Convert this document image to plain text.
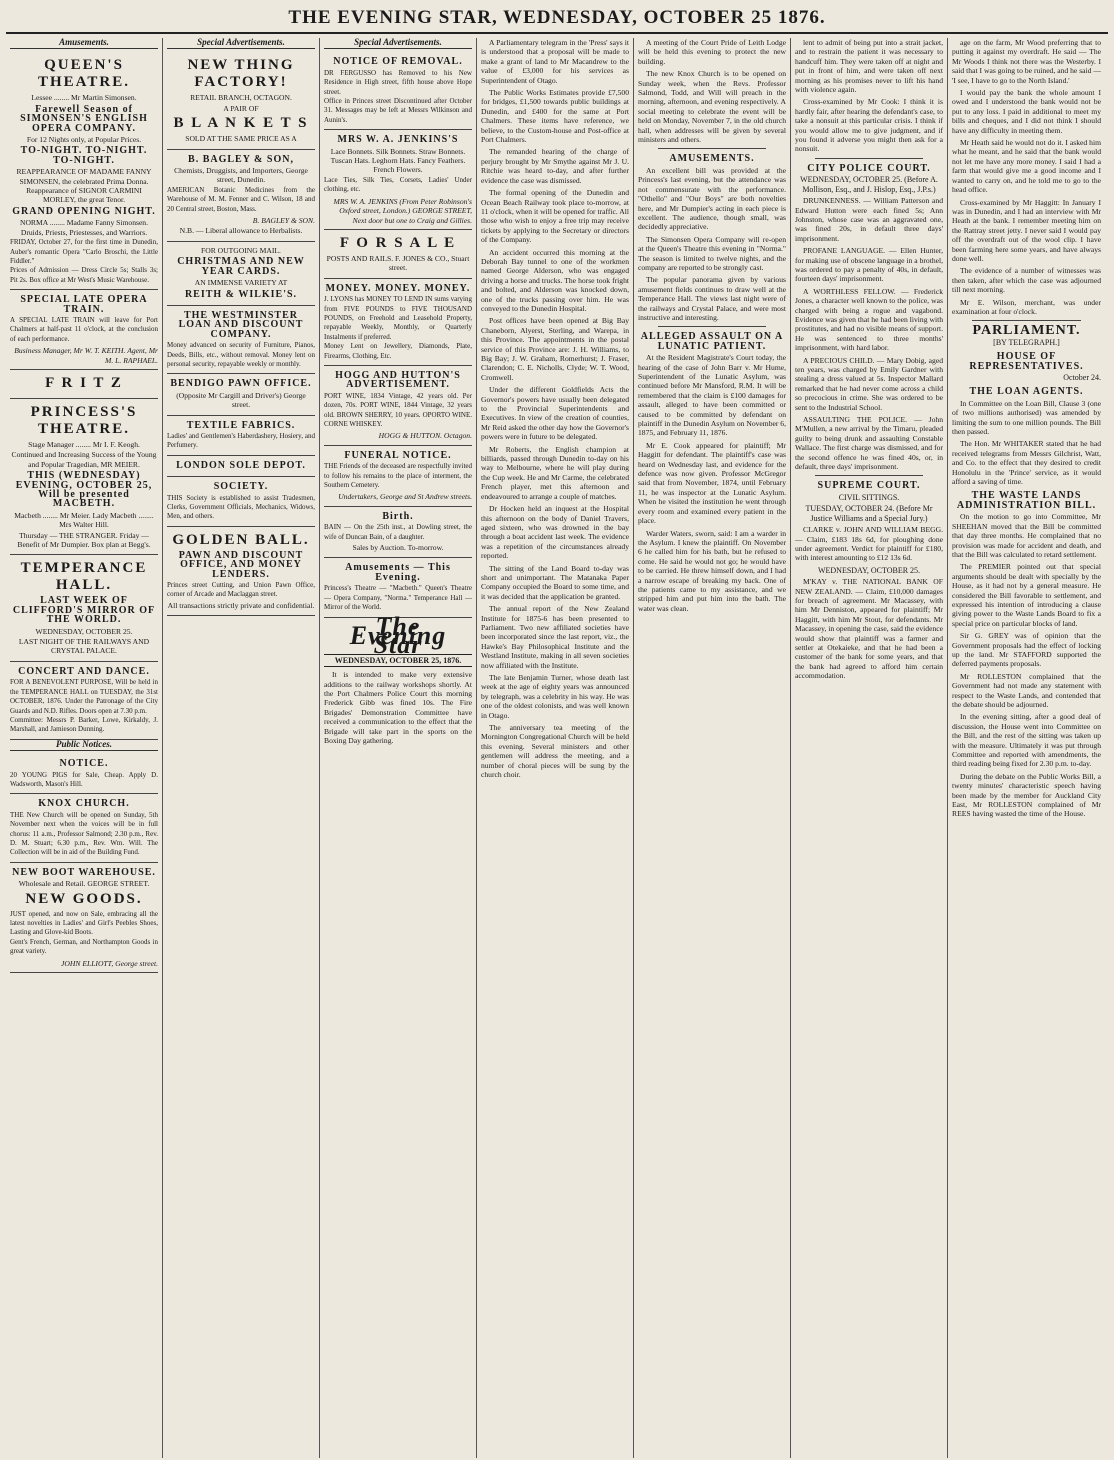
THE EVENING STAR, WEDNESDAY, OCTOBER 25 1876.
Amusements.
QUEEN'S THEATRE.
Lessee ........ Mr Martin Simonsen.
Farewell Season of SIMONSEN'S ENGLISH OPERA COMPANY.
For 12 Nights only, at Popular Prices.
TO-NIGHT. TO-NIGHT. TO-NIGHT.
REAPPEARANCE OF MADAME FANNY SIMONSEN, the celebrated Prima Donna. Reappearance of SIGNOR CARMINI MORLEY, the great Tenor.
GRAND OPENING NIGHT.
NORMA ........ Madame Fanny Simonsen. Druids, Priests, Priestesses, and Warriors.
FRIDAY, October 27, for the first time in Dunedin, Auber's romantic Opera "Carlo Broschi, the Little Fiddler."
Prices of Admission — Dress Circle 5s; Stalls 3s; Pit 2s. Box office at Mr West's Music Warehouse.
SPECIAL LATE OPERA TRAIN.
A SPECIAL LATE TRAIN will leave for Port Chalmers at half-past 11 o'clock, at the conclusion of each performance.
Business Manager, Mr W. T. KEITH. Agent, Mr M. L. RAPHAEL.
F R I T Z
PRINCESS'S THEATRE.
Stage Manager ........ Mr I. F. Keogh.
Continued and Increasing Success of the Young and Popular Tragedian, MR MEIER.
THIS (WEDNESDAY) EVENING, OCTOBER 25, Will be presented MACBETH.
Macbeth ........ Mr Meier. Lady Macbeth ........ Mrs Walter Hill.
Thursday — THE STRANGER. Friday — Benefit of Mr Dumpier. Box plan at Begg's.
TEMPERANCE HALL.
LAST WEEK OF CLIFFORD'S MIRROR OF THE WORLD.
WEDNESDAY, OCTOBER 25.
LAST NIGHT OF THE RAILWAYS AND CRYSTAL PALACE.
CONCERT AND DANCE.
FOR A BENEVOLENT PURPOSE, Will be held in the TEMPERANCE HALL on TUESDAY, the 31st OCTOBER, 1876. Under the Patronage of the City Guards and N.D. Rifles. Doors open at 7.30 p.m.
Committee: Messrs P. Barker, Lowe, Kirkaldy, J. Marshall, and Jamieson Dunning.
Public Notices.
NOTICE.
20 YOUNG PIGS for Sale, Cheap. Apply D. Wadsworth, Mason's Hill.
KNOX CHURCH.
THE New Church will be opened on Sunday, 5th November next when the voices will be in full chorus: 11 a.m., Professor Salmond; 2.30 p.m., Rev. D. M. Stuart; 6.30 p.m., Rev. Wm. Will. The Collection will be in aid of the Building Fund.
NEW BOOT WAREHOUSE.
Wholesale and Retail. GEORGE STREET.
NEW GOODS.
JUST opened, and now on Sale, embracing all the latest novelties in Ladies' and Girl's Peebles Shoes, Lasting and Glove-kid Boots.
Gent's French, German, and Northampton Goods in great variety.
JOHN ELLIOTT, George street.
Special Advertisements.
NEW THING FACTORY!
RETAIL BRANCH, OCTAGON.
A PAIR OF
B L A N K E T S
SOLD AT THE SAME PRICE AS A
B. BAGLEY & SON,
Chemists, Druggists, and Importers, George street, Dunedin.
AMERICAN Botanic Medicines from the Warehouse of M. M. Fenner and C. Wilson, 18 and 20 Central street, Boston, Mass.
B. BAGLEY & SON.
N.B. — Liberal allowance to Herbalists.
FOR OUTGOING MAIL.
CHRISTMAS AND NEW YEAR CARDS.
AN IMMENSE VARIETY AT
REITH & WILKIE'S.
THE WESTMINSTER LOAN AND DISCOUNT COMPANY.
Money advanced on security of Furniture, Pianos, Deeds, Bills, etc., without removal. Money lent on personal security, repayable weekly or monthly.
BENDIGO PAWN OFFICE.
(Opposite Mr Cargill and Driver's) George street.
TEXTILE FABRICS.
Ladies' and Gentlemen's Haberdashery, Hosiery, and Perfumery.
LONDON SOLE DEPOT.
SOCIETY.
THIS Society is established to assist Tradesmen, Clerks, Government Officials, Mechanics, Widows, Men, and others.
GOLDEN BALL.
PAWN AND DISCOUNT OFFICE, AND MONEY LENDERS.
Princes street Cutting, and Union Pawn Office, corner of Arcade and Maclaggan street.
All transactions strictly private and confidential.
Special Advertisements.
NOTICE OF REMOVAL.
DR FERGUSSO has Removed to his New Residence in High street, fifth house above Hope street.
Office in Princes street Discontinued after October 31. Messages may be left at Messrs Wilkinson and Aunin's.
MRS W. A. JENKINS'S
Lace Bonnets. Silk Bonnets. Straw Bonnets. Tuscan Hats. Leghorn Hats. Fancy Feathers. French Flowers.
Lace Ties, Silk Ties, Corsets, Ladies' Under clothing, etc.
MRS W. A. JENKINS (From Peter Robinson's Oxford street, London.) GEORGE STREET, Next door but one to Craig and Gillies.
F O R S A L E
POSTS AND RAILS. F. JONES & CO., Stuart street.
MONEY. MONEY. MONEY.
J. LYONS has MONEY TO LEND IN sums varying from FIVE POUNDS to FIVE THOUSAND POUNDS, on Freehold and Leasehold Property, repayable Weekly, Monthly, or Quarterly Instalments if preferred.
Money Lent on Jewellery, Diamonds, Plate, Firearms, Clothing, Etc.
HOGG AND HUTTON'S ADVERTISEMENT.
PORT WINE, 1834 Vintage, 42 years old. Per dozen, 70s. PORT WINE, 1844 Vintage, 32 years old. BROWN SHERRY, 10 years. OPORTO WINE. CORNE WHISKEY.
HOGG & HUTTON. Octagon.
FUNERAL NOTICE.
THE Friends of the deceased are respectfully invited to follow his remains to the place of interment, the Southern Cemetery.
Undertakers, George and St Andrew streets.
Birth.
BAIN — On the 25th inst., at Dowling street, the wife of Duncan Bain, of a daughter.
Sales by Auction. To-morrow.
Amusements — This Evening.
Princess's Theatre — "Macbeth." Queen's Theatre — Opera Company, "Norma." Temperance Hall — Mirror of the World.
The Evening Star
WEDNESDAY, OCTOBER 25, 1876.

It is intended to make very extensive additions to the railway workshops shortly. At the Port Chalmers Police Court this morning Frederick Gibb was fined 10s. The Fire Brigades' Demonstration Committee have received a communication to the effect that the Brigade will take part in the sports on the Boxing Day gathering.

A Parliamentary telegram in the 'Press' says it is understood that a proposal will be made to make a grant of land to Mr Macandrew to the value of £3,000 for his services as Superintendent of Otago.

The Public Works Estimates provide £7,500 for bridges, £1,500 towards public buildings at Dunedin, and £400 for the same at Port Chalmers. These items have reference, we believe, to the Custom-house and Post-office at Port Chalmers.

The remanded hearing of the charge of perjury brought by Mr Smythe against Mr J. U. Ritchie was heard to-day, and after further evidence the case was dismissed.

The formal opening of the Dunedin and Ocean Beach Railway took place to-morrow, at 11 o'clock, when it will be opened for traffic. All those who wish to enjoy a free trip may receive tickets by applying to the Secretary or directors of the Company.

An accident occurred this morning at the Deborah Bay tunnel to one of the workmen named George Alderson, who was engaged driving a horse and trucks. The horse took fright and bolted, and Alderson was knocked down, one of the trucks passing over him. He was conveyed to the Dunedin Hospital.

Post offices have been opened at Big Bay Chaneborn, Alyerst, Sterling, and Warepa, in this Province. The appointments in the postal service of this Province are: J. H. Williams, to Big Bay; J. W. Graham, Romerhurst; J. Fraser, Clarendon; C. E. Nicholls, Clyde; W. T. Wood, Cromwell.

Under the different Goldfields Acts the Governor's powers have usually been delegated to the Provincial Superintendents and Executives. In view of the creation of counties, Mr Reid asked the other day how the Governor's powers were in future to be delegated.

Mr Roberts, the English champion at billiards, passed through Dunedin to-day on his way to Melbourne, where he will play during the Cup week. He and Mr Carme, the celebrated French player, met this afternoon and endeavoured to arrange a couple of matches.

Dr Hocken held an inquest at the Hospital this afternoon on the body of Daniel Travers, aged sixteen, who was drowned in the bay through a boat accident last week. The evidence was a repetition of the circumstances already reported.

The sitting of the Land Board to-day was short and unimportant. The Matanaka Paper Company occupied the Board to some time, and it was decided that the application be granted.

The annual report of the New Zealand Institute for 1875-6 has been presented to Parliament. Two new affiliated societies have been incorporated since the last report, viz., the Hawke's Bay Philosophical Institute and the Westland Institute, making in all seven societies now affiliated with the Institute.

The late Benjamin Turner, whose death last week at the age of eighty years was announced by telegraph, was a celebrity in his way. He was one of the oldest colonists, and was well known in Otago.

The anniversary tea meeting of the Mornington Congregational Church will be held this evening. Several ministers and other gentlemen will address the meeting, and a number of choral pieces will be sung by the church choir.

A meeting of the Court Pride of Leith Lodge will be held this evening to protect the new building.

The new Knox Church is to be opened on Sunday week, when the Revs. Professor Salmond, Todd, and Will will preach in the morning, afternoon, and evening respectively. A social meeting to celebrate the event will be held on Monday, November 7, in the old church hall, when addresses will be given by several ministers and others.

AMUSEMENTS.

An excellent bill was provided at the Princess's last evening, but the attendance was not commensurate with the performance. "Othello" and "Our Boys" are both novelties here, and Mr Dumpier's acting in each piece is excellent. The audience, though small, was decidedly appreciative.

The Simonsen Opera Company will re-open at the Queen's Theatre this evening in "Norma." The season is limited to twelve nights, and the company are reported to be strongly cast.

The popular panorama given by various amusement fields continues to draw well at the Temperance Hall. The views last night were of the railways and Crystal Palace, and were most instructive and interesting.

ALLEGED ASSAULT ON A LUNATIC PATIENT.

At the Resident Magistrate's Court today, the hearing of the case of John Barr v. Mr Hume, Superintendent of the Lunatic Asylum, was continued before Mr Mansford, R.M. It will be remembered that the claim is £100 damages for assault, alleged to have been committed or caused to be committed by defendant on plaintiff in the Dunedin Asylum on November 6, 1875, and February 11, 1876.

Mr E. Cook appeared for plaintiff; Mr Haggitt for defendant. The plaintiff's case was heard on Wednesday last, and evidence for the defence was now given. Professor McGregor said that from November, 1874, until February 11, he was inspector at the Lunatic Asylum. When he visited the institution he went through every room and examined every patient in the place.

Warder Waters, sworn, said: I am a warder in the Asylum. I knew the plaintiff. On November 6 he called him for his bath, but he refused to come. He said he would not go; he would have to be carried. He threw himself down, and I had a narrow escape of breaking my back. One of the patients came to my assistance, and we stripped him and put him into the bath. The water was clean.

lent to admit of being put into a strait jacket, and to restrain the patient it was necessary to handcuff him. They were taken off at night and put in front of him, and were taken off next morning as his promises never to lift his hand with violence again.

Cross-examined by Mr Cook: I think it is hardly fair, after hearing the defendant's case, to take a nonsuit at this particular crisis. I think if you would allow me to give judgment, and if you found it adverse you might then ask for a nonsuit.

CITY POLICE COURT.
WEDNESDAY, OCTOBER 25. (Before A. Mollison, Esq., and J. Hislop, Esq., J.P.s.)

DRUNKENNESS. — William Patterson and Edward Hutton were each fined 5s; Ann Johnston, whose case was an aggravated one, was fined 20s, in default three days' imprisonment.

PROFANE LANGUAGE. — Ellen Hunter, for making use of obscene language in a brothel, was ordered to pay a penalty of 40s, in default, fourteen days' imprisonment.

A WORTHLESS FELLOW. — Frederick Jones, a character well known to the police, was charged with being a rogue and vagabond. Evidence was given that he had been living with prostitutes, and had no visible means of support. He was sentenced to three months' imprisonment, with hard labor.

A PRECIOUS CHILD. — Mary Dobig, aged ten years, was charged by Emily Gardner with stealing a dress valued at 5s. Inspector Mallard remarked that he had never come across a child so precocious in crime. She was ordered to be sent to the Industrial School.

ASSAULTING THE POLICE. — John M'Mullen, a new arrival by the Timaru, pleaded guilty to being drunk and assaulting Constable Wallace. The first charge was dismissed, and for the second offence he was fined 40s, or, in default, three days' imprisonment.

SUPREME COURT.
CIVIL SITTINGS.
TUESDAY, OCTOBER 24. (Before Mr Justice Williams and a Special Jury.)

CLARKE v. JOHN AND WILLIAM BEGG. — Claim, £183 18s 6d, for ploughing done under agreement. Verdict for plaintiff for £180, with interest amounting to £12 13s 6d.

WEDNESDAY, OCTOBER 25.

M'KAY v. THE NATIONAL BANK OF NEW ZEALAND. — Claim, £10,000 damages for breach of agreement. Mr Macassey, with him Mr Denniston, appeared for plaintiff; Mr Haggitt, with him Mr Stout, for defendants. Mr Macassey, in opening the case, said the evidence would show that plaintiff was a farmer and settler at Otekaieke, and that he had been a customer of the bank for some years, and that the bank had agreed to afford him certain accommodation.

age on the farm, Mr Wood preferring that to putting it against my overdraft. He said — The Mr Woods I think not there was the Westerby. I said that I was going to be ruined, and he said — 'I see, I have to go to the North Island.'

I would pay the bank the whole amount I owed and I understood the bank would not be put to any loss. I paid in additional to meet my bills and cheques, and I did not think I should have any difficulty in meeting them.

Mr Heath said he would not do it. I asked him what he meant, and he said that the bank would not let me have any more money. I said I had a farm that would give me a good income and I wanted to carry on, and he told me to go to the head office.

Cross-examined by Mr Haggitt: In January I was in Dunedin, and I had an interview with Mr Heath at the bank. I remember meeting him on the Rattray street jetty. I never said I would pay off the overdraft out of the wool clip. I have been farming here some years, and have always done well.

The evidence of a number of witnesses was then taken, after which the case was adjourned till next morning.

Mr E. Wilson, merchant, was under examination at four o'clock.

PARLIAMENT.
[BY TELEGRAPH.]
HOUSE OF REPRESENTATIVES.
October 24.
THE LOAN AGENTS.

In Committee on the Loan Bill, Clause 3 (one of two millions authorised) was amended by limiting the sum to one million pounds. The Bill then passed.

The Hon. Mr WHITAKER stated that he had received telegrams from Messrs Gilchrist, Watt, and Co. to the effect that they desired to credit Honolulu in the 'Prince' service, as it would afford a saving of time.

THE WASTE LANDS ADMINISTRATION BILL.

On the motion to go into Committee, Mr SHEEHAN moved that the Bill be committed that day three months. He complained that no provision was made for accident and death, and that the Bill was calculated to retard settlement.

The PREMIER pointed out that special arguments should be dealt with specially by the House, as it had not by a general measure. He considered the Bill favorable to settlement, and expressed his intention of introducing a clause giving power to the Waste Lands Board to fix a special price on particular blocks of land.

Sir G. GREY was of opinion that the Government proposals had the effect of locking up the land. Mr STAFFORD supported the deferred payments proposals.

Mr ROLLESTON complained that the Government had not made any statement with respect to the Waste Lands, and contended that the debate should be adjourned.

In the evening sitting, after a good deal of discussion, the House went into Committee on the Bill, and the rest of the sitting was taken up with the measure. Ultimately it was put through Committee and reported with amendments, the third reading being fixed for 2.30 p.m. to-day.

During the debate on the Public Works Bill, a twenty minutes' characteristic speech having been made by the member for Auckland City East, Mr ROLLESTON complained of Mr REES having wasted the time of the House.
